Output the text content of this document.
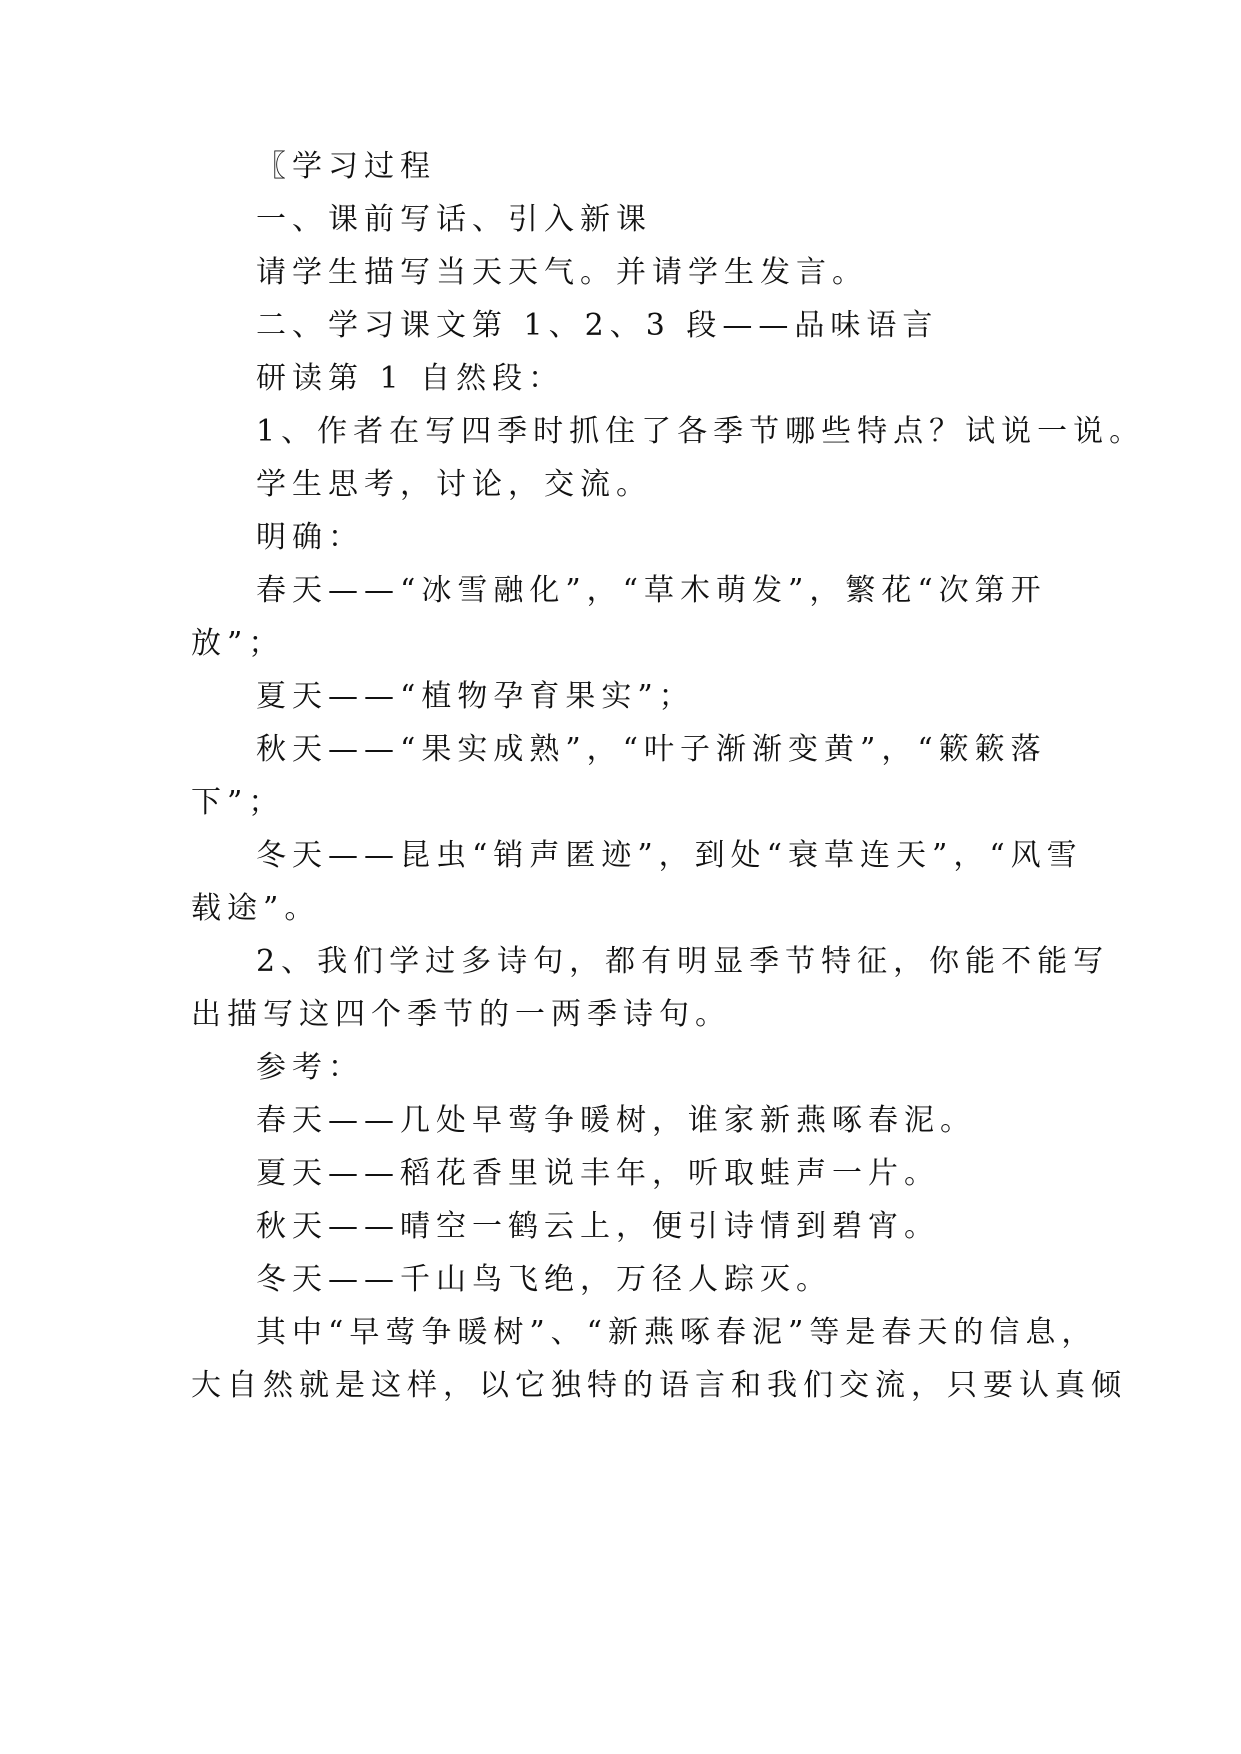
〖学习过程
一、课前写话、引入新课
请学生描写当天天气。并请学生发言。
二、学习课文第 1、2、3 段——品味语言
研读第 1 自然段：
1、作者在写四季时抓住了各季节哪些特点？试说一说。
学生思考，讨论，交流。
明确：
春天——“冰雪融化”，“草木萌发”，繁花“次第开
放”；
夏天——“植物孕育果实”；
秋天——“果实成熟”，“叶子渐渐变黄”，“簌簌落
下”；
冬天——昆虫“销声匿迹”，到处“衰草连天”，“风雪
载途”。
2、我们学过多诗句，都有明显季节特征，你能不能写
出描写这四个季节的一两季诗句。
参考：
春天——几处早莺争暖树，谁家新燕啄春泥。
夏天——稻花香里说丰年，听取蛙声一片。
秋天——晴空一鹤云上，便引诗情到碧宵。
冬天——千山鸟飞绝，万径人踪灭。
其中“早莺争暖树”、“新燕啄春泥”等是春天的信息，
大自然就是这样，以它独特的语言和我们交流，只要认真倾
